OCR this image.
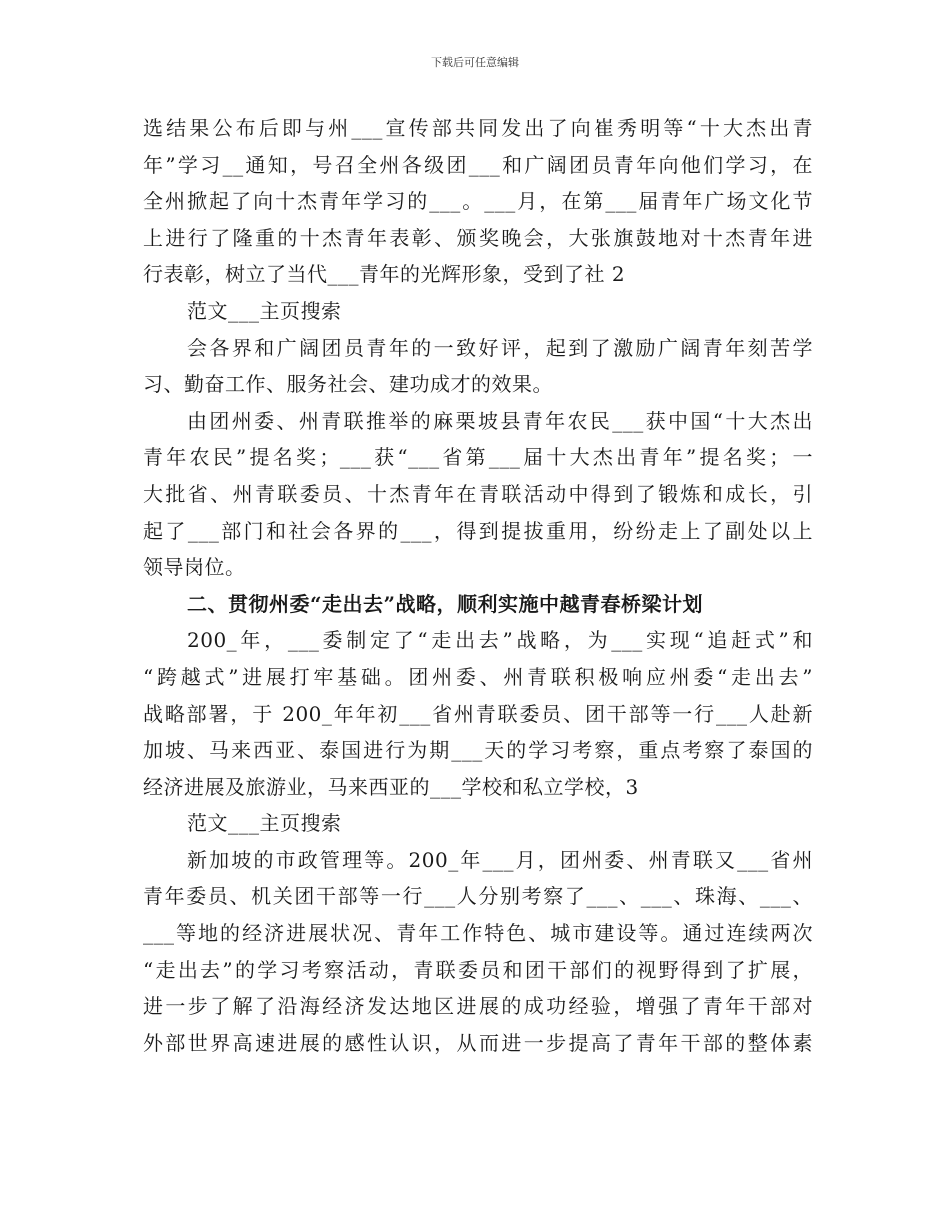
下载后可任意编辑
选结果公布后即与州___宣传部共同发出了向崔秀明等“十大杰出青
年”学习__通知，号召全州各级团___和广阔团员青年向他们学习，在
全州掀起了向十杰青年学习的___。___月，在第___届青年广场文化节
上进行了隆重的十杰青年表彰、颁奖晚会，大张旗鼓地对十杰青年进
行表彰，树立了当代___青年的光辉形象，受到了社 2
范文___主页搜索
会各界和广阔团员青年的一致好评，起到了激励广阔青年刻苦学
习、勤奋工作、服务社会、建功成才的效果。
由团州委、州青联推举的麻栗坡县青年农民___获中国“十大杰出
青年农民”提名奖；___获“___省第___届十大杰出青年”提名奖；一
大批省、州青联委员、十杰青年在青联活动中得到了锻炼和成长，引
起了___部门和社会各界的___，得到提拔重用，纷纷走上了副处以上
领导岗位。
二、贯彻州委“走出去”战略，顺利实施中越青春桥梁计划
200_年，___委制定了“走出去”战略，为___实现“追赶式”和
“跨越式”进展打牢基础。团州委、州青联积极响应州委“走出去”
战略部署，于 200_年年初___省州青联委员、团干部等一行___人赴新
加坡、马来西亚、泰国进行为期___天的学习考察，重点考察了泰国的
经济进展及旅游业，马来西亚的___学校和私立学校，3
范文___主页搜索
新加坡的市政管理等。200_年___月，团州委、州青联又___省州
青年委员、机关团干部等一行___人分别考察了___、___、珠海、___、
___等地的经济进展状况、青年工作特色、城市建设等。通过连续两次
“走出去”的学习考察活动，青联委员和团干部们的视野得到了扩展，
进一步了解了沿海经济发达地区进展的成功经验，增强了青年干部对
外部世界高速进展的感性认识，从而进一步提高了青年干部的整体素
